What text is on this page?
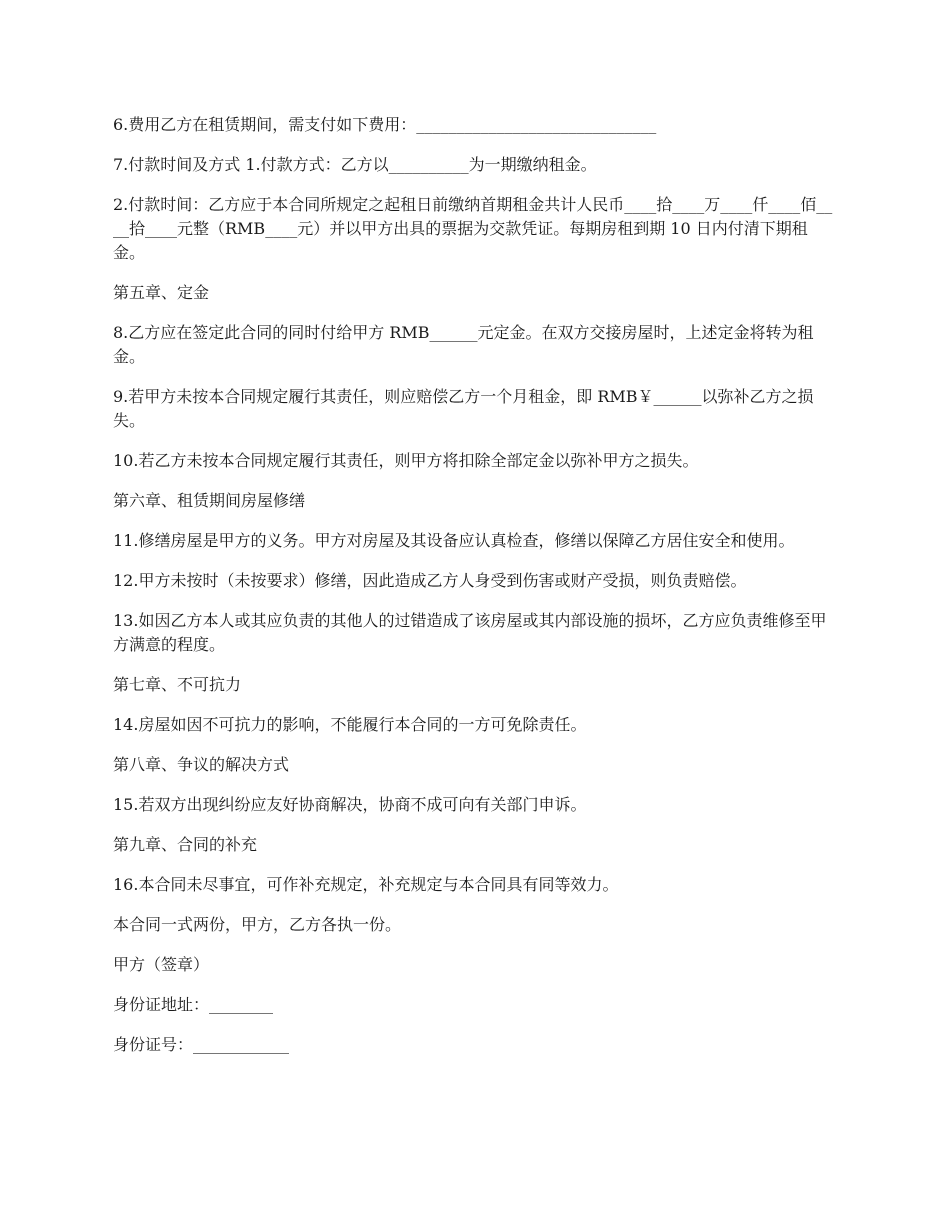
6.费用乙方在租赁期间，需支付如下费用：______________________________

7.付款时间及方式 1.付款方式：乙方以__________为一期缴纳租金。

2.付款时间：乙方应于本合同所规定之起租日前缴纳首期租金共计人民币____拾____万____仟____佰____拾____元整（RMB____元）并以甲方出具的票据为交款凭证。每期房租到期 10 日内付清下期租金。

第五章、定金

8.乙方应在签定此合同的同时付给甲方 RMB______元定金。在双方交接房屋时，上述定金将转为租金。

9.若甲方未按本合同规定履行其责任，则应赔偿乙方一个月租金，即 RMB￥______以弥补乙方之损失。

10.若乙方未按本合同规定履行其责任，则甲方将扣除全部定金以弥补甲方之损失。

第六章、租赁期间房屋修缮

11.修缮房屋是甲方的义务。甲方对房屋及其设备应认真检查，修缮以保障乙方居住安全和使用。

12.甲方未按时（未按要求）修缮，因此造成乙方人身受到伤害或财产受损，则负责赔偿。

13.如因乙方本人或其应负责的其他人的过错造成了该房屋或其内部设施的损坏，乙方应负责维修至甲方满意的程度。

第七章、不可抗力

14.房屋如因不可抗力的影响，不能履行本合同的一方可免除责任。

第八章、争议的解决方式

15.若双方出现纠纷应友好协商解决，协商不成可向有关部门申诉。

第九章、合同的补充

16.本合同未尽事宜，可作补充规定，补充规定与本合同具有同等效力。

本合同一式两份，甲方，乙方各执一份。

甲方（签章）

身份证地址：________

身份证号：____________
